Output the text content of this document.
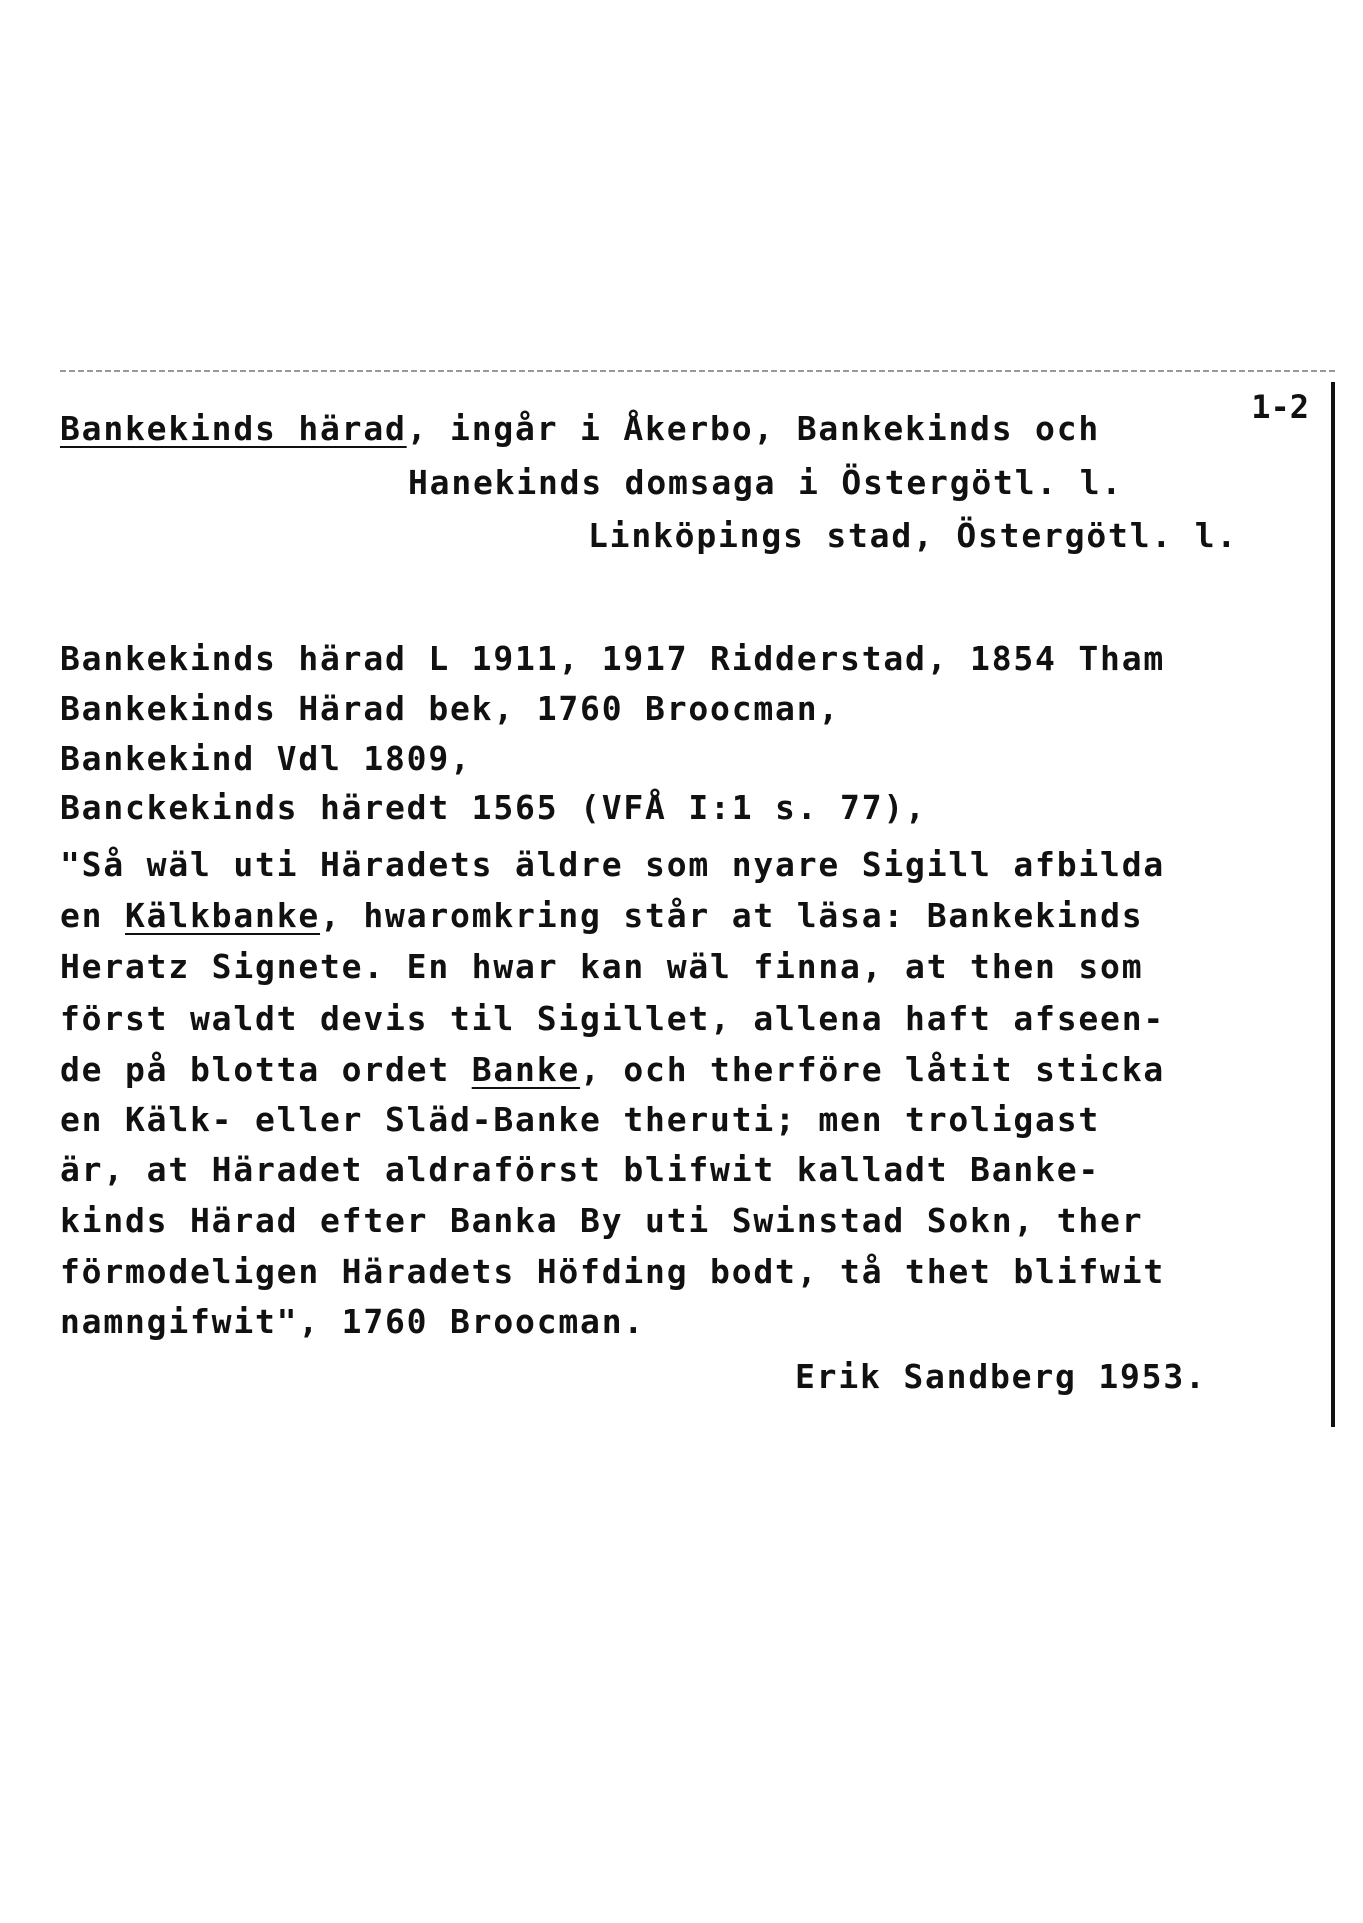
1-2
Bankekinds härad, ingår i Åkerbo, Bankekinds och
Hanekinds domsaga i Östergötl. l.
Linköpings stad, Östergötl. l.
Bankekinds härad L 1911, 1917 Ridderstad, 1854 Tham
Bankekinds Härad bek, 1760 Broocman,
Bankekind Vdl 1809,
Banckekinds häredt 1565 (VFÅ I:1 s. 77),
"Så wäl uti Häradets äldre som nyare Sigill afbilda
en Kälkbanke, hwaromkring står at läsa: Bankekinds
Heratz Signete. En hwar kan wäl finna, at then som
först waldt devis til Sigillet, allena haft afseen-
de på blotta ordet Banke, och therföre låtit sticka
en Kälk- eller Släd-Banke theruti; men troligast
är, at Häradet aldraförst blifwit kalladt Banke-
kinds Härad efter Banka By uti Swinstad Sokn, ther
förmodeligen Häradets Höfding bodt, tå thet blifwit
namngifwit", 1760 Broocman.
Erik Sandberg 1953.
